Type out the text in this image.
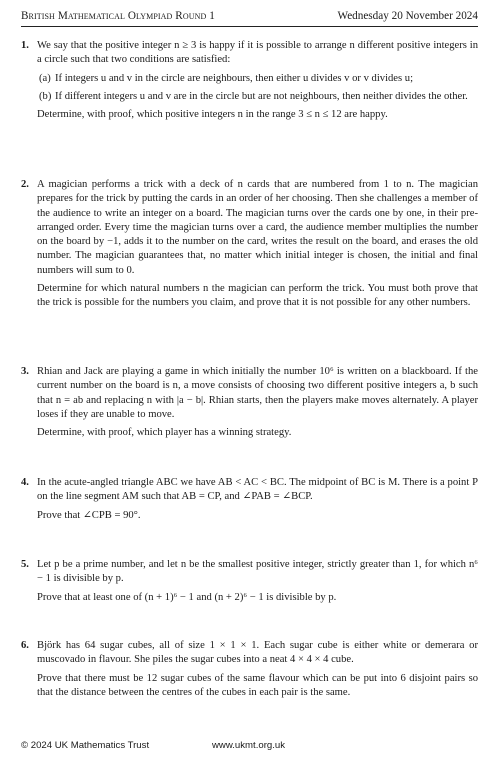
British Mathematical Olympiad Round 1	Wednesday 20 November 2024
1. We say that the positive integer n ≥ 3 is happy if it is possible to arrange n different positive integers in a circle such that two conditions are satisfied:

(a) If integers u and v in the circle are neighbours, then either u divides v or v divides u;
(b) If different integers u and v are in the circle but are not neighbours, then neither divides the other.

Determine, with proof, which positive integers n in the range 3 ≤ n ≤ 12 are happy.

2. A magician performs a trick with a deck of n cards that are numbered from 1 to n. The magician prepares for the trick by putting the cards in an order of her choosing. Then she challenges a member of the audience to write an integer on a board. The magician turns over the cards one by one, in their pre-arranged order. Every time the magician turns over a card, the audience member multiplies the number on the board by −1, adds it to the number on the card, writes the result on the board, and erases the old number. The magician guarantees that, no matter which initial integer is chosen, the initial and final numbers will sum to 0.

Determine for which natural numbers n the magician can perform the trick. You must both prove that the trick is possible for the numbers you claim, and prove that it is not possible for any other numbers.

3. Rhian and Jack are playing a game in which initially the number 10⁶ is written on a blackboard. If the current number on the board is n, a move consists of choosing two different positive integers a, b such that n = ab and replacing n with |a − b|. Rhian starts, then the players make moves alternately. A player loses if they are unable to move.

Determine, with proof, which player has a winning strategy.

4. In the acute-angled triangle ABC we have AB < AC < BC. The midpoint of BC is M. There is a point P on the line segment AM such that AB = CP, and ∠PAB = ∠BCP.

Prove that ∠CPB = 90°.

5. Let p be a prime number, and let n be the smallest positive integer, strictly greater than 1, for which n⁶ − 1 is divisible by p.

Prove that at least one of (n + 1)⁶ − 1 and (n + 2)⁶ − 1 is divisible by p.

6. Björk has 64 sugar cubes, all of size 1 × 1 × 1. Each sugar cube is either white or demerara or muscovado in flavour. She piles the sugar cubes into a neat 4 × 4 × 4 cube.

Prove that there must be 12 sugar cubes of the same flavour which can be put into 6 disjoint pairs so that the distance between the centres of the cubes in each pair is the same.

© 2024 UK Mathematics Trust	www.ukmt.org.uk
